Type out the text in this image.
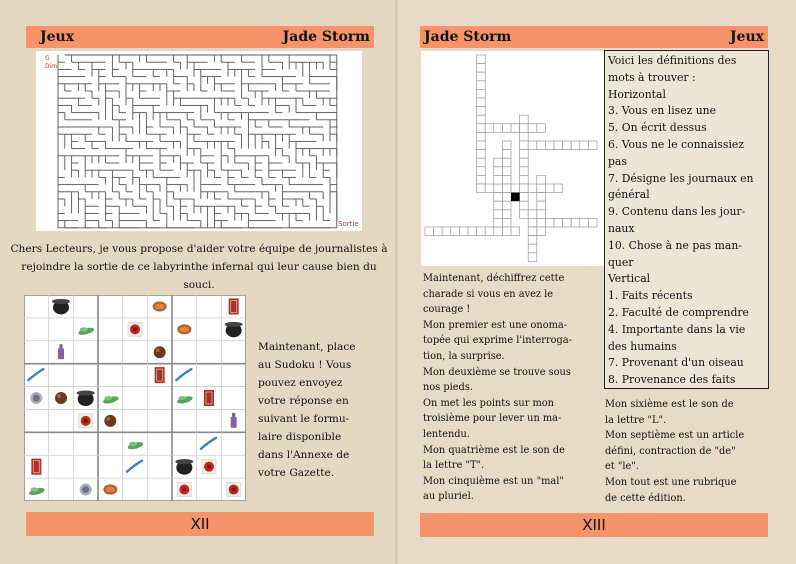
Jeux	Jade Storm
G
Dim.
Sortie
Chers Lecteurs, je vous propose d'aider votre équipe de journalistes à
rejoindre la sortie de ce labyrinthe infernal qui leur cause bien du
souci.
Maintenant, place
au Sudoku ! Vous
pouvez envoyez
votre réponse en
suivant le formu-
laire disponible
dans l'Annexe de
votre Gazette.
XII
Jade Storm	Jeux
XIII
Voici les définitions des
mots à trouver :
Horizontal
3. Vous en lisez une
5. On écrit dessus
6. Vous ne le connaissiez
pas
7. Désigne les journaux en
général
9. Contenu dans les jour-
naux
10. Chose à ne pas man-
quer
Vertical
1. Faits récents
2. Faculté de comprendre
4. Importante dans la vie
des humains
7. Provenant d'un oiseau
8. Provenance des faits
Maintenant, déchiffrez cette
charade si vous en avez le
courage !
Mon premier est une onoma-
topée qui exprime l'interroga-
tion, la surprise.
Mon deuxième se trouve sous
nos pieds.
On met les points sur mon
troisième pour lever un ma-
lentendu.
Mon quatrième est le son de
la lettre "T".
Mon cinquième est un "mal"
au pluriel.
Mon sixième est le son de
la lettre "L".
Mon septième est un article
défini, contraction de "de"
et "le".
Mon tout est une rubrique
de cette édition.
